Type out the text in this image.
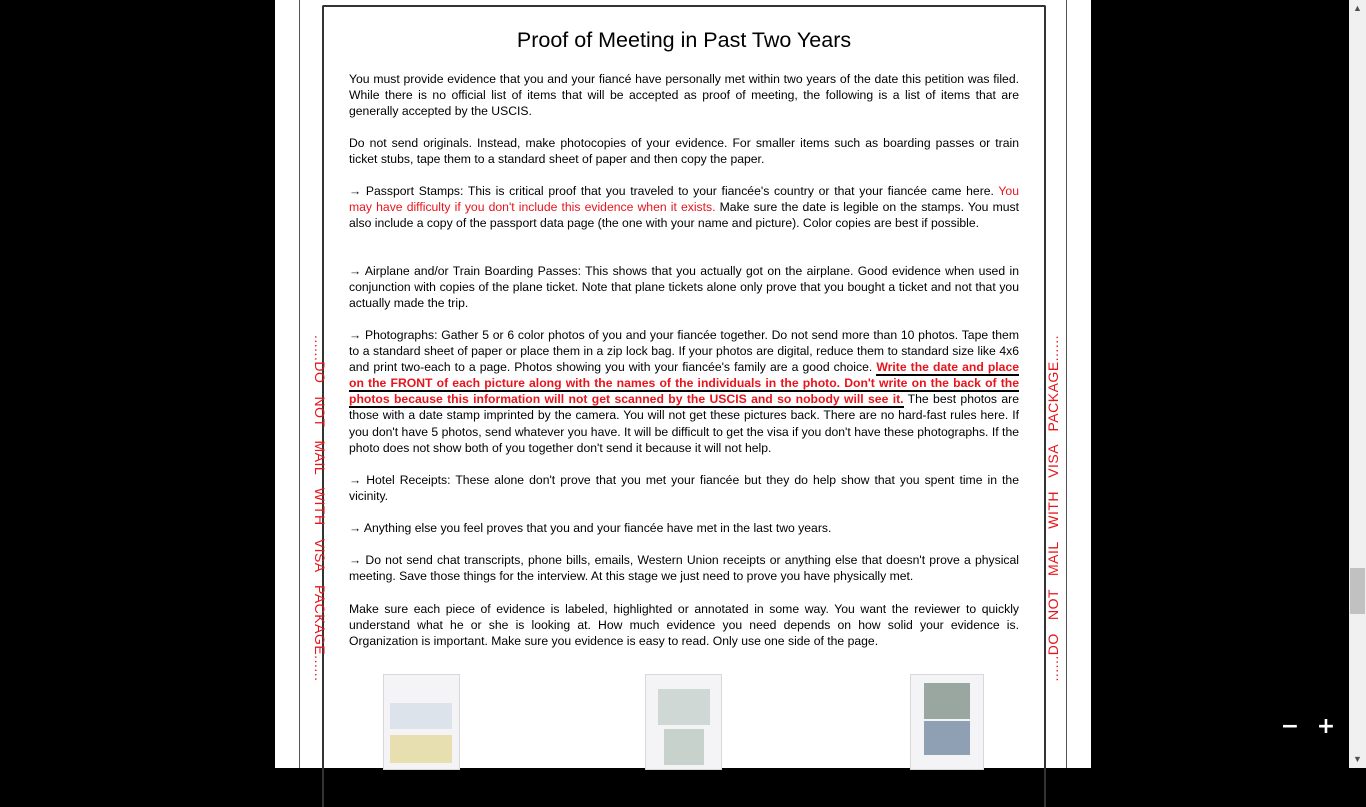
......DO   NOT   MAIL   WITH   VISA   PACKAGE......	......DO   NOT   MAIL   WITH   VISA   PACKAGE......
Proof of Meeting in Past Two Years
You must provide evidence that you and your fiancé have personally met within two years of the date this petition was filed. While there is no official list of items that will be accepted as proof of meeting, the following is a list of items that are generally accepted by the USCIS.
Do not send originals. Instead, make photocopies of your evidence. For smaller items such as boarding passes or train ticket stubs, tape them to a standard sheet of paper and then copy the paper.
→ Passport Stamps: This is critical proof that you traveled to your fiancée's country or that your fiancée came here. You may have difficulty if you don't include this evidence when it exists. Make sure the date is legible on the stamps. You must also include a copy of the passport data page (the one with your name and picture). Color copies are best if possible.
→ Airplane and/or Train Boarding Passes: This shows that you actually got on the airplane. Good evidence when used in conjunction with copies of the plane ticket. Note that plane tickets alone only prove that you bought a ticket and not that you actually made the trip.
→ Photographs: Gather 5 or 6 color photos of you and your fiancée together. Do not send more than 10 photos. Tape them to a standard sheet of paper or place them in a zip lock bag. If your photos are digital, reduce them to standard size like 4x6 and print two-each to a page. Photos showing you with your fiancée's family are a good choice. Write the date and place on the FRONT of each picture along with the names of the individuals in the photo. Don't write on the back of the photos because this information will not get scanned by the USCIS and so nobody will see it. The best photos are those with a date stamp imprinted by the camera. You will not get these pictures back. There are no hard-fast rules here. If you don't have 5 photos, send whatever you have. It will be difficult to get the visa if you don't have these photographs. If the photo does not show both of you together don't send it because it will not help.
→ Hotel Receipts: These alone don't prove that you met your fiancée but they do help show that you spent time in the vicinity.
→ Anything else you feel proves that you and your fiancée have met in the last two years.
→ Do not send chat transcripts, phone bills, emails, Western Union receipts or anything else that doesn't prove a physical meeting. Save those things for the interview. At this stage we just need to prove you have physically met.
Make sure each piece of evidence is labeled, highlighted or annotated in some way. You want the reviewer to quickly understand what he or she is looking at. How much evidence you need depends on how solid your evidence is. Organization is important. Make sure you evidence is easy to read. Only use one side of the page.
▲
▼
− +
